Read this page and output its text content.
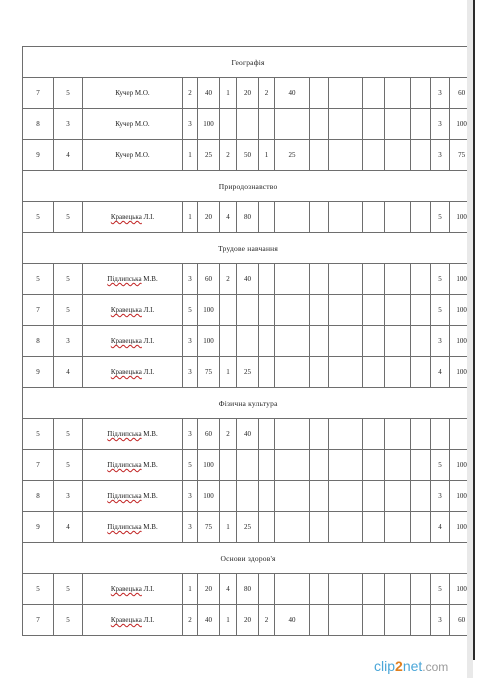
Географія															
7	5	Кучер М.О.	2	40	1	20	2	40						3	60
8	3	Кучер М.О.	3	100										3	100
9	4	Кучер М.О.	1	25	2	50	1	25						3	75
Природознавство															
5	5	Кравецька Л.І.	1	20	4	80								5	100
Трудове навчання															
5	5	Підлипська М.В.	3	60	2	40								5	100
7	5	Кравецька Л.І.	5	100										5	100
8	3	Кравецька Л.І.	3	100										3	100
9	4	Кравецька Л.І.	3	75	1	25								4	100
Фізична культура															
5	5	Підлипська М.В.	3	60	2	40									
7	5	Підлипська М.В.	5	100										5	100
8	3	Підлипська М.В.	3	100										3	100
9	4	Підлипська М.В.	3	75	1	25								4	100
Основи здоров'я															
5	5	Кравецька Л.І.	1	20	4	80								5	100
7	5	Кравецька Л.І.	2	40	1	20	2	40						3	60
clip2net.com
